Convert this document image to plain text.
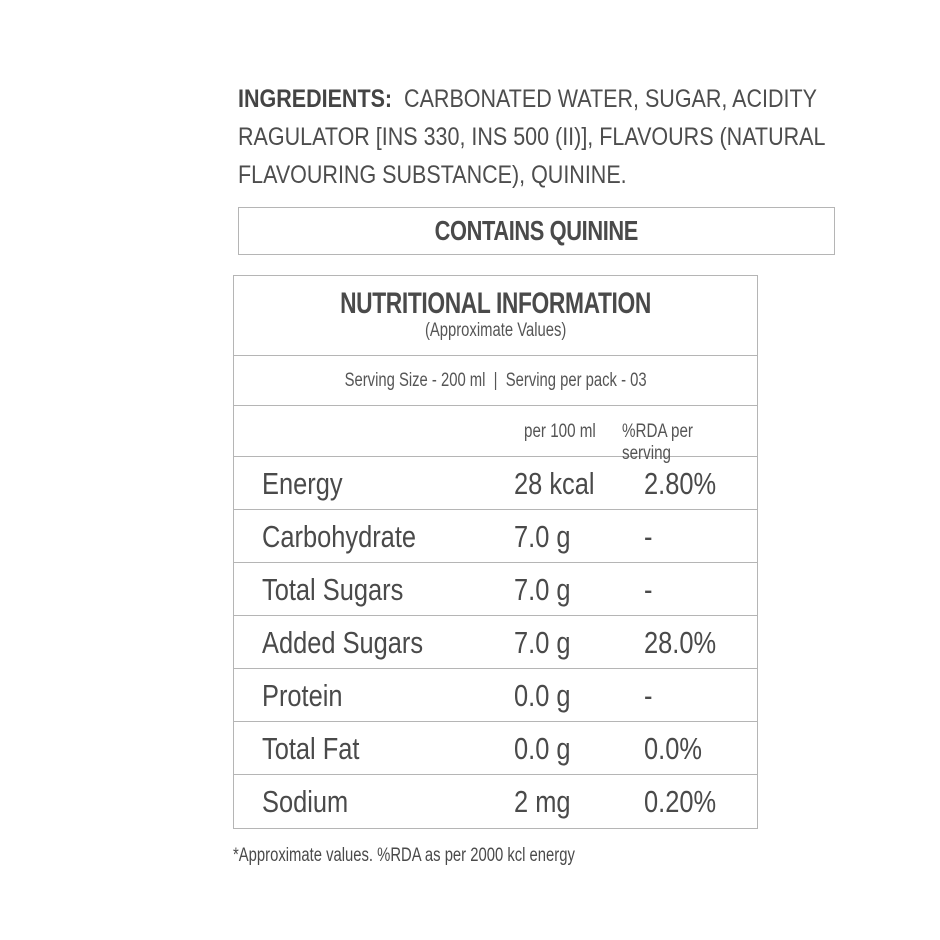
INGREDIENTS: CARBONATED WATER, SUGAR, ACIDITY
RAGULATOR [INS 330, INS 500 (II)], FLAVOURS (NATURAL
FLAVOURING SUBSTANCE), QUININE.
CONTAINS QUININE
NUTRITIONAL INFORMATION
(Approximate Values)
Serving Size - 200 ml  |  Serving per pack - 03
per 100 ml %RDA per serving
Energy	28 kcal 2.80%
Carbohydrate	7.0 g -
Total Sugars	7.0 g -
Added Sugars	7.0 g 28.0%
Protein	0.0 g -
Total Fat	0.0 g 0.0%
Sodium	2 mg 0.20%
*Approximate values. %RDA as per 2000 kcl energy
